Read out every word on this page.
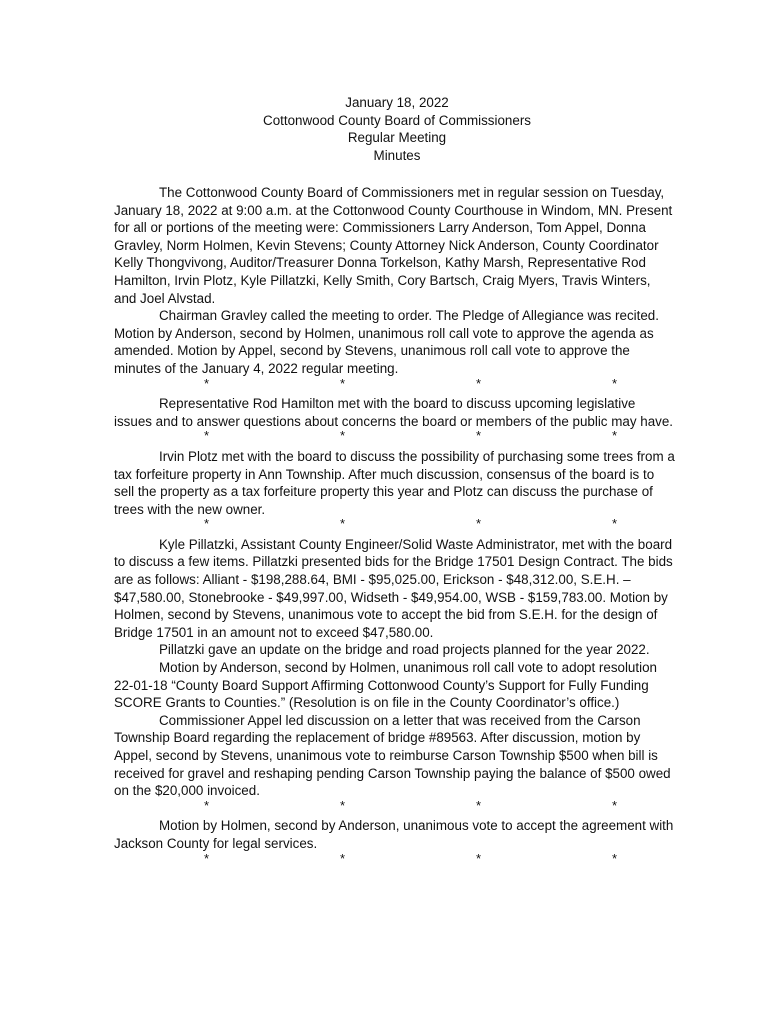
January 18, 2022
Cottonwood County Board of Commissioners
Regular Meeting
Minutes

The Cottonwood County Board of Commissioners met in regular session on Tuesday, January 18, 2022 at 9:00 a.m. at the Cottonwood County Courthouse in Windom, MN. Present for all or portions of the meeting were: Commissioners Larry Anderson, Tom Appel, Donna Gravley, Norm Holmen, Kevin Stevens; County Attorney Nick Anderson, County Coordinator Kelly Thongvivong, Auditor/Treasurer Donna Torkelson, Kathy Marsh, Representative Rod Hamilton, Irvin Plotz, Kyle Pillatzki, Kelly Smith, Cory Bartsch, Craig Myers, Travis Winters, and Joel Alvstad.

Chairman Gravley called the meeting to order. The Pledge of Allegiance was recited. Motion by Anderson, second by Holmen, unanimous roll call vote to approve the agenda as amended. Motion by Appel, second by Stevens, unanimous roll call vote to approve the minutes of the January 4, 2022 regular meeting.

*	*	*	*

Representative Rod Hamilton met with the board to discuss upcoming legislative issues and to answer questions about concerns the board or members of the public may have.

*	*	*	*

Irvin Plotz met with the board to discuss the possibility of purchasing some trees from a tax forfeiture property in Ann Township. After much discussion, consensus of the board is to sell the property as a tax forfeiture property this year and Plotz can discuss the purchase of trees with the new owner.

*	*	*	*

Kyle Pillatzki, Assistant County Engineer/Solid Waste Administrator, met with the board to discuss a few items. Pillatzki presented bids for the Bridge 17501 Design Contract. The bids are as follows: Alliant - $198,288.64, BMI - $95,025.00, Erickson - $48,312.00, S.E.H. – $47,580.00, Stonebrooke - $49,997.00, Widseth - $49,954.00, WSB - $159,783.00. Motion by Holmen, second by Stevens, unanimous vote to accept the bid from S.E.H. for the design of Bridge 17501 in an amount not to exceed $47,580.00.

Pillatzki gave an update on the bridge and road projects planned for the year 2022.

Motion by Anderson, second by Holmen, unanimous roll call vote to adopt resolution 22-01-18 “County Board Support Affirming Cottonwood County’s Support for Fully Funding SCORE Grants to Counties.” (Resolution is on file in the County Coordinator’s office.)

Commissioner Appel led discussion on a letter that was received from the Carson Township Board regarding the replacement of bridge #89563. After discussion, motion by Appel, second by Stevens, unanimous vote to reimburse Carson Township $500 when bill is received for gravel and reshaping pending Carson Township paying the balance of $500 owed on the $20,000 invoiced.

*	*	*	*

Motion by Holmen, second by Anderson, unanimous vote to accept the agreement with Jackson County for legal services.

*	*	*	*
